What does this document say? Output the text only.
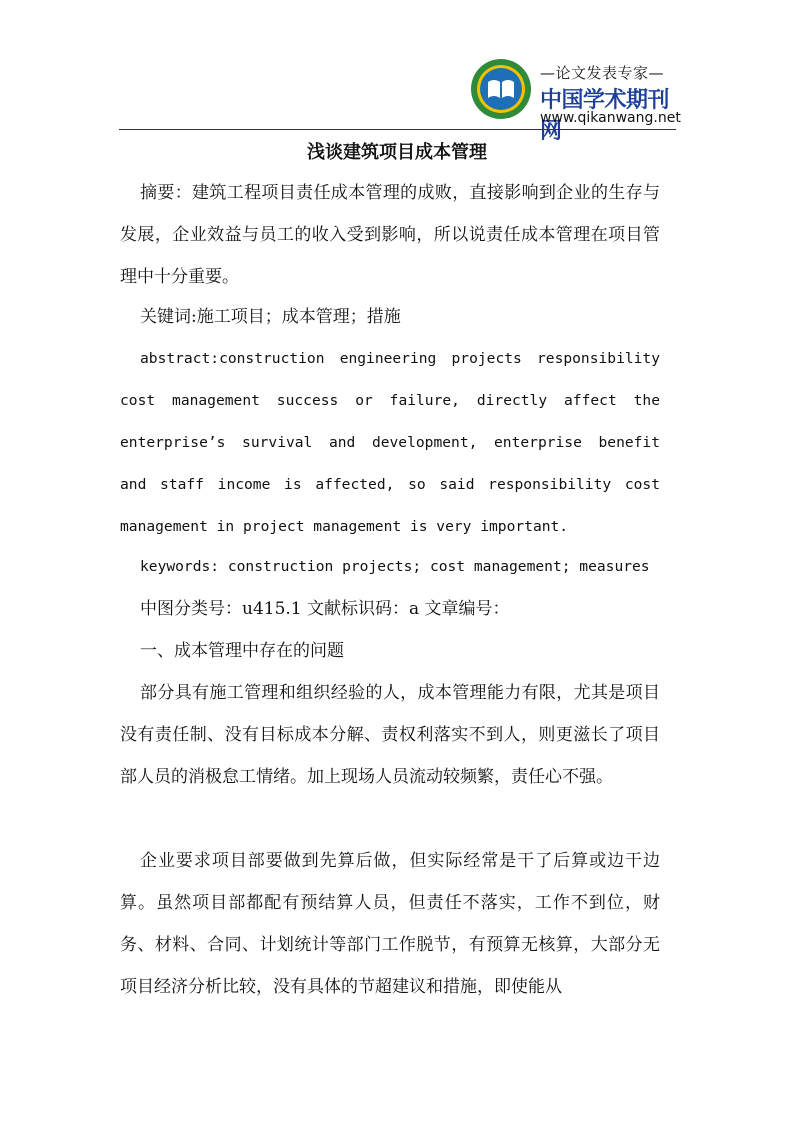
—论文发表专家—
中国学术期刊网
www.qikanwang.net
浅谈建筑项目成本管理
摘要：建筑工程项目责任成本管理的成败，直接影响到企业的生存与发展，企业效益与员工的收入受到影响，所以说责任成本管理在项目管理中十分重要。
关键词:施工项目；成本管理；措施
abstract:construction engineering projects responsibility
cost management success or failure, directly affect the
enterprise’s survival and development, enterprise benefit
and staff income is affected, so said responsibility cost
management in project management is very important.
keywords: construction projects; cost management; measures
中图分类号：u415.1 文献标识码：a 文章编号：
一、成本管理中存在的问题
部分具有施工管理和组织经验的人，成本管理能力有限，尤其是项目没有责任制、没有目标成本分解、责权利落实不到人，则更滋长了项目部人员的消极怠工情绪。加上现场人员流动较频繁，责任心不强。
企业要求项目部要做到先算后做，但实际经常是干了后算或边干边算。虽然项目部都配有预结算人员，但责任不落实，工作不到位，财务、材料、合同、计划统计等部门工作脱节，有预算无核算，大部分无项目经济分析比较，没有具体的节超建议和措施，即使能从
